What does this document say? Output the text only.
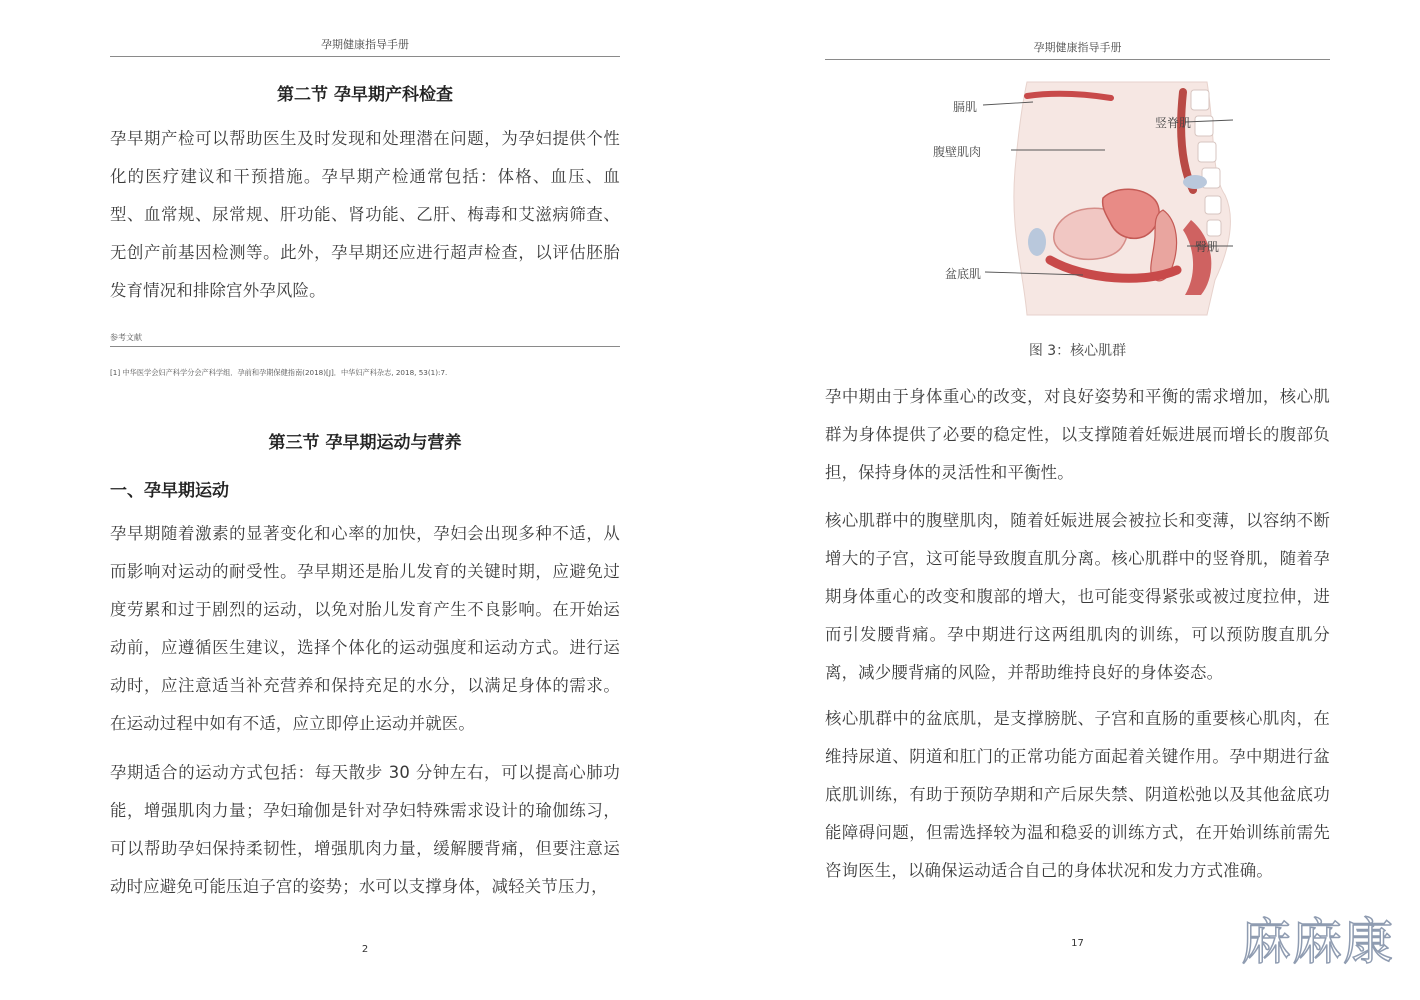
孕期健康指导手册
第二节 孕早期产科检查

孕早期产检可以帮助医生及时发现和处理潜在问题，为孕妇提供个性化的医疗建议和干预措施。孕早期产检通常包括：体格、血压、血型、血常规、尿常规、肝功能、肾功能、乙肝、梅毒和艾滋病筛查、无创产前基因检测等。此外，孕早期还应进行超声检查，以评估胚胎发育情况和排除宫外孕风险。

参考文献
[1] 中华医学会妇产科学分会产科学组．孕前和孕期保健指南(2018)[J]．中华妇产科杂志, 2018, 53(1):7.
第三节 孕早期运动与营养
一、孕早期运动

孕早期随着激素的显著变化和心率的加快，孕妇会出现多种不适，从而影响对运动的耐受性。孕早期还是胎儿发育的关键时期，应避免过度劳累和过于剧烈的运动，以免对胎儿发育产生不良影响。在开始运动前，应遵循医生建议，选择个体化的运动强度和运动方式。进行运动时，应注意适当补充营养和保持充足的水分，以满足身体的需求。在运动过程中如有不适，应立即停止运动并就医。

孕期适合的运动方式包括：每天散步 30 分钟左右，可以提高心肺功能，增强肌肉力量；孕妇瑜伽是针对孕妇特殊需求设计的瑜伽练习，可以帮助孕妇保持柔韧性，增强肌肉力量，缓解腰背痛，但要注意运动时应避免可能压迫子宫的姿势；水可以支撑身体，减轻关节压力，

2
孕期健康指导手册
膈肌
腹壁肌肉
竖脊肌
臀肌
盆底肌
图 3：核心肌群

孕中期由于身体重心的改变，对良好姿势和平衡的需求增加，核心肌群为身体提供了必要的稳定性，以支撑随着妊娠进展而增长的腹部负担，保持身体的灵活性和平衡性。

核心肌群中的腹壁肌肉，随着妊娠进展会被拉长和变薄，以容纳不断增大的子宫，这可能导致腹直肌分离。核心肌群中的竖脊肌，随着孕期身体重心的改变和腹部的增大，也可能变得紧张或被过度拉伸，进而引发腰背痛。孕中期进行这两组肌肉的训练，可以预防腹直肌分离，减少腰背痛的风险，并帮助维持良好的身体姿态。

核心肌群中的盆底肌，是支撑膀胱、子宫和直肠的重要核心肌肉，在维持尿道、阴道和肛门的正常功能方面起着关键作用。孕中期进行盆底肌训练，有助于预防孕期和产后尿失禁、阴道松弛以及其他盆底功能障碍问题，但需选择较为温和稳妥的训练方式，在开始训练前需先咨询医生，以确保运动适合自己的身体状况和发力方式准确。

17	麻麻康
